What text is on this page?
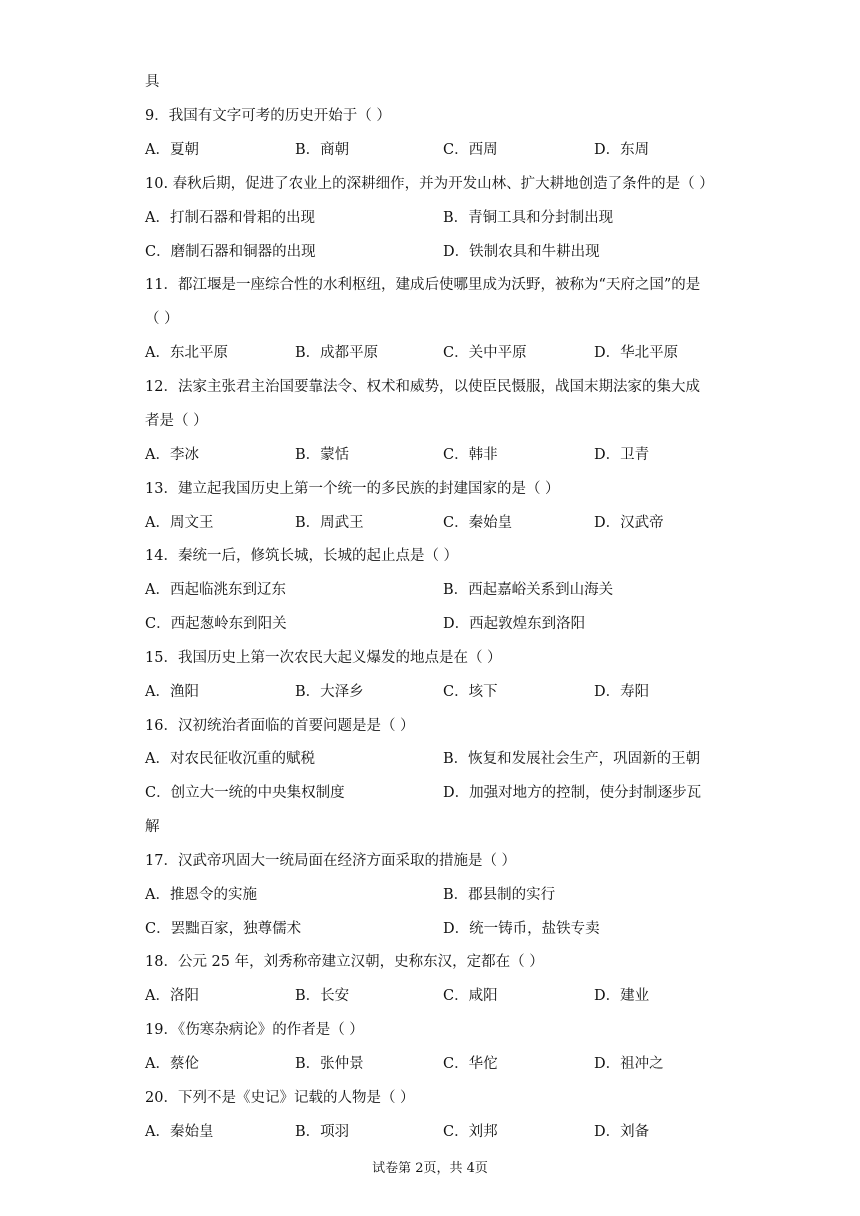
具
9．我国有文字可考的历史开始于（ ）
A．夏朝	B．商朝	C．西周	D．东周
10. 春秋后期，促进了农业上的深耕细作，并为开发山林、扩大耕地创造了条件的是（ ）
A．打制石器和骨耜的出现	B．青铜工具和分封制出现
C．磨制石器和铜器的出现	D．铁制农具和牛耕出现
11．都江堰是一座综合性的水利枢纽，建成后使哪里成为沃野，被称为“天府之国”的是
（ ）
A．东北平原	B．成都平原	C．关中平原	D．华北平原
12．法家主张君主治国要靠法令、权术和威势，以使臣民慑服，战国末期法家的集大成
者是（ ）
A．李冰	B．蒙恬	C．韩非	D．卫青
13．建立起我国历史上第一个统一的多民族的封建国家的是（ ）
A．周文王	B．周武王	C．秦始皇	D．汉武帝
14．秦统一后，修筑长城，长城的起止点是（ ）
A．西起临洮东到辽东	B．西起嘉峪关系到山海关
C．西起葱岭东到阳关	D．西起敦煌东到洛阳
15．我国历史上第一次农民大起义爆发的地点是在（ ）
A．渔阳	B．大泽乡	C．垓下	D．寿阳
16．汉初统治者面临的首要问题是是（ ）
A．对农民征收沉重的赋税	B．恢复和发展社会生产，巩固新的王朝
C．创立大一统的中央集权制度	D．加强对地方的控制，使分封制逐步瓦
解
17．汉武帝巩固大一统局面在经济方面采取的措施是（ ）
A．推恩令的实施	B．郡县制的实行
C．罢黜百家，独尊儒术	D．统一铸币，盐铁专卖
18．公元 25 年，刘秀称帝建立汉朝，史称东汉，定都在（ ）
A．洛阳	B．长安	C．咸阳	D．建业
19．《伤寒杂病论》的作者是（ ）
A．蔡伦	B．张仲景	C．华佗	D．祖冲之
20．下列不是《史记》记载的人物是（ ）
A．秦始皇	B．项羽	C．刘邦	D．刘备
试卷第 2页，共 4页
